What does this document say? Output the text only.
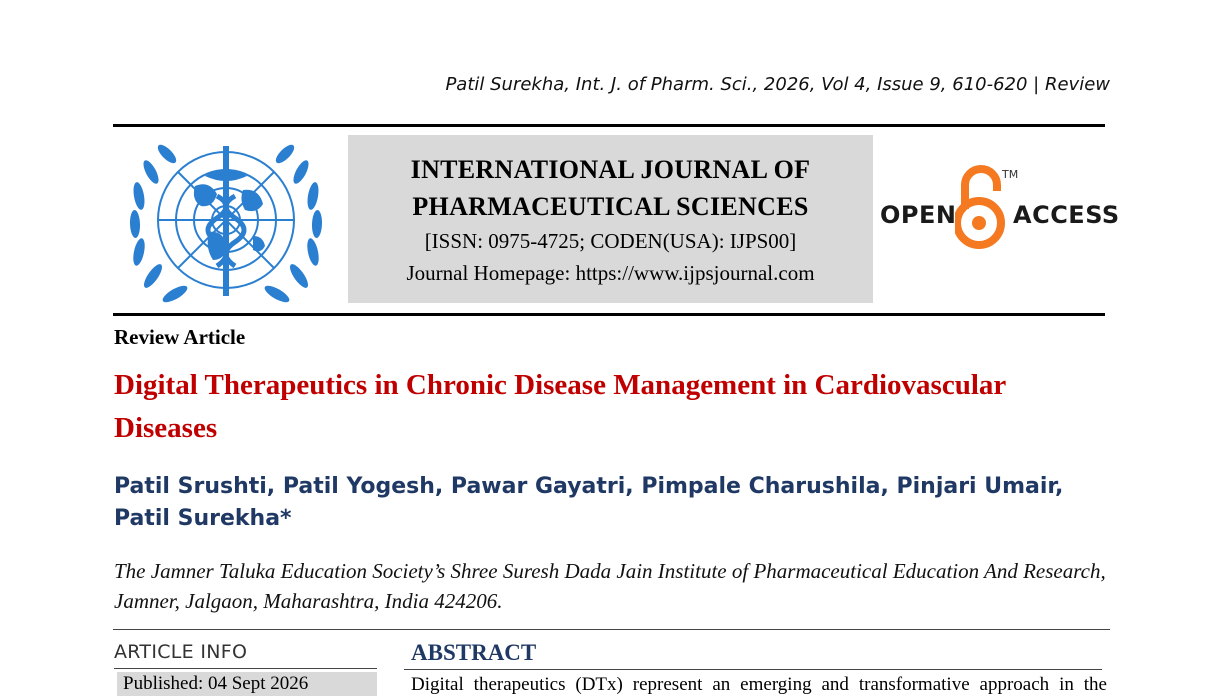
Patil Surekha, Int. J. of Pharm. Sci., 2026, Vol 4, Issue 9, 610-620 | Review
INTERNATIONAL JOURNAL OF
PHARMACEUTICAL SCIENCES
[ISSN: 0975-4725; CODEN(USA): IJPS00]
Journal Homepage: https://www.ijpsjournal.com
OPEN
TM
ACCESS
Review Article
Digital Therapeutics in Chronic Disease Management in Cardiovascular Diseases
Patil Srushti, Patil Yogesh, Pawar Gayatri, Pimpale Charushila, Pinjari Umair, Patil Surekha*
The Jamner Taluka Education Society’s Shree Suresh Dada Jain Institute of Pharmaceutical Education And Research, Jamner, Jalgaon, Maharashtra, India 424206.
ARTICLE INFO
Published: 04 Sept 2026
ABSTRACT
Digital therapeutics (DTx) represent an emerging and transformative approach in the
